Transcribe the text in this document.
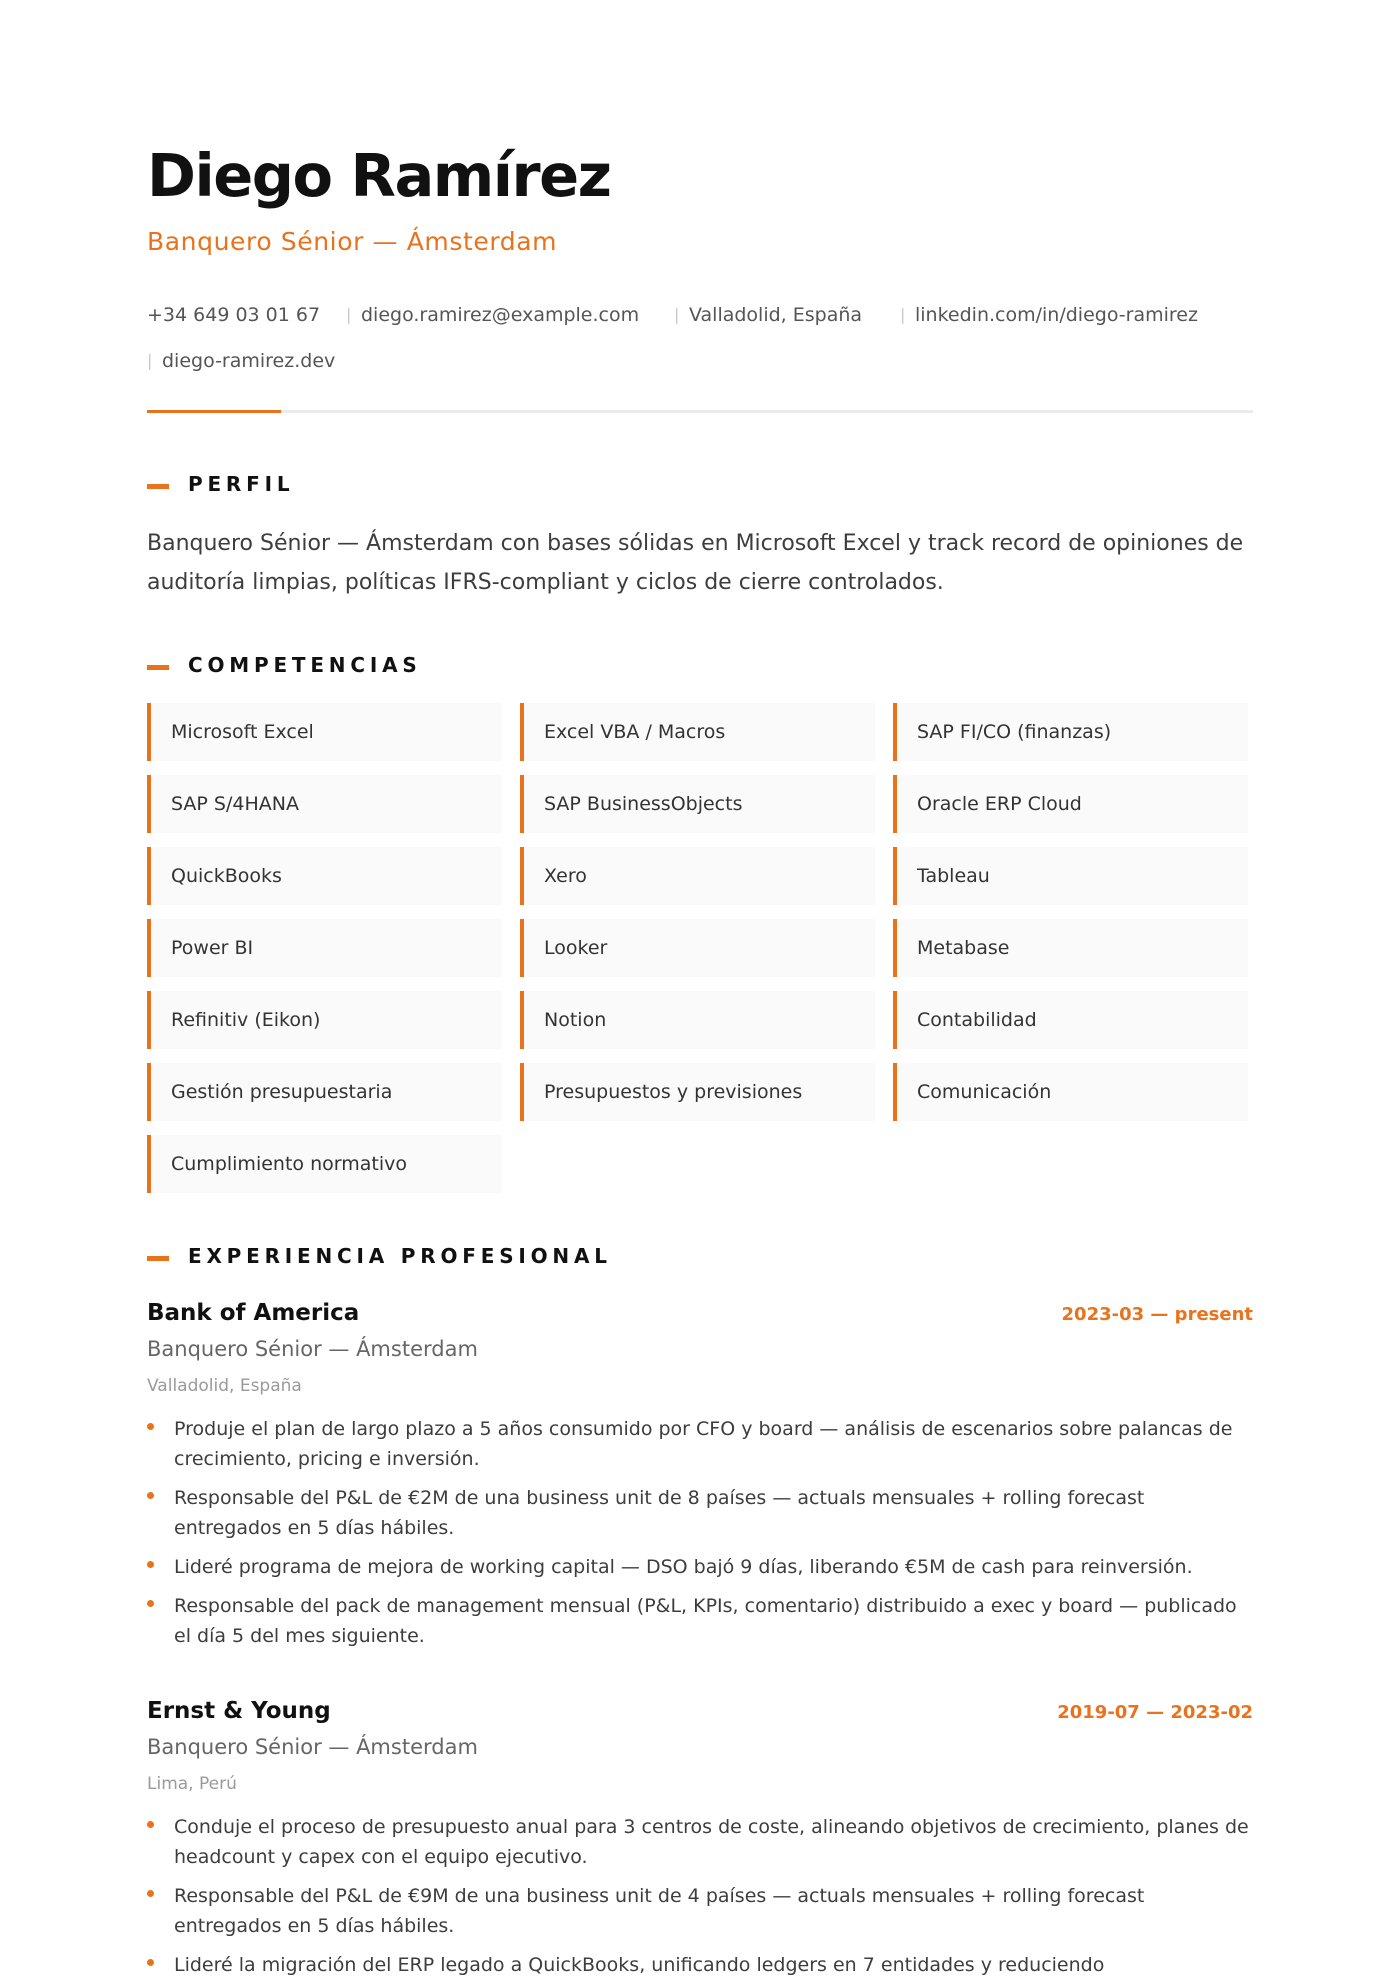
Diego Ramírez
Banquero Sénior — Ámsterdam
+34 649 03 01 67 | diego.ramirez@example.com | Valladolid, España | linkedin.com/in/diego-ramirez
| diego-ramirez.dev
PERFIL
Banquero Sénior — Ámsterdam con bases sólidas en Microsoft Excel y track record de opiniones de auditoría limpias, políticas IFRS-compliant y ciclos de cierre controlados.
COMPETENCIAS
Microsoft Excel	Excel VBA / Macros	SAP FI/CO (finanzas)
SAP S/4HANA	SAP BusinessObjects	Oracle ERP Cloud
QuickBooks	Xero	Tableau
Power BI	Looker	Metabase
Refinitiv (Eikon)	Notion	Contabilidad
Gestión presupuestaria	Presupuestos y previsiones	Comunicación
Cumplimiento normativo
EXPERIENCIA PROFESIONAL
Bank of America	2023-03 — present
Banquero Sénior — Ámsterdam
Valladolid, España
Produje el plan de largo plazo a 5 años consumido por CFO y board — análisis de escenarios sobre palancas de crecimiento, pricing e inversión.
Responsable del P&L de €2M de una business unit de 8 países — actuals mensuales + rolling forecast entregados en 5 días hábiles.
Lideré programa de mejora de working capital — DSO bajó 9 días, liberando €5M de cash para reinversión.
Responsable del pack de management mensual (P&L, KPIs, comentario) distribuido a exec y board — publicado el día 5 del mes siguiente.
Ernst & Young	2019-07 — 2023-02
Banquero Sénior — Ámsterdam
Lima, Perú
Conduje el proceso de presupuesto anual para 3 centros de coste, alineando objetivos de crecimiento, planes de headcount y capex con el equipo ejecutivo.
Responsable del P&L de €9M de una business unit de 4 países — actuals mensuales + rolling forecast entregados en 5 días hábiles.
Lideré la migración del ERP legado a QuickBooks, unificando ledgers en 7 entidades y reduciendo
